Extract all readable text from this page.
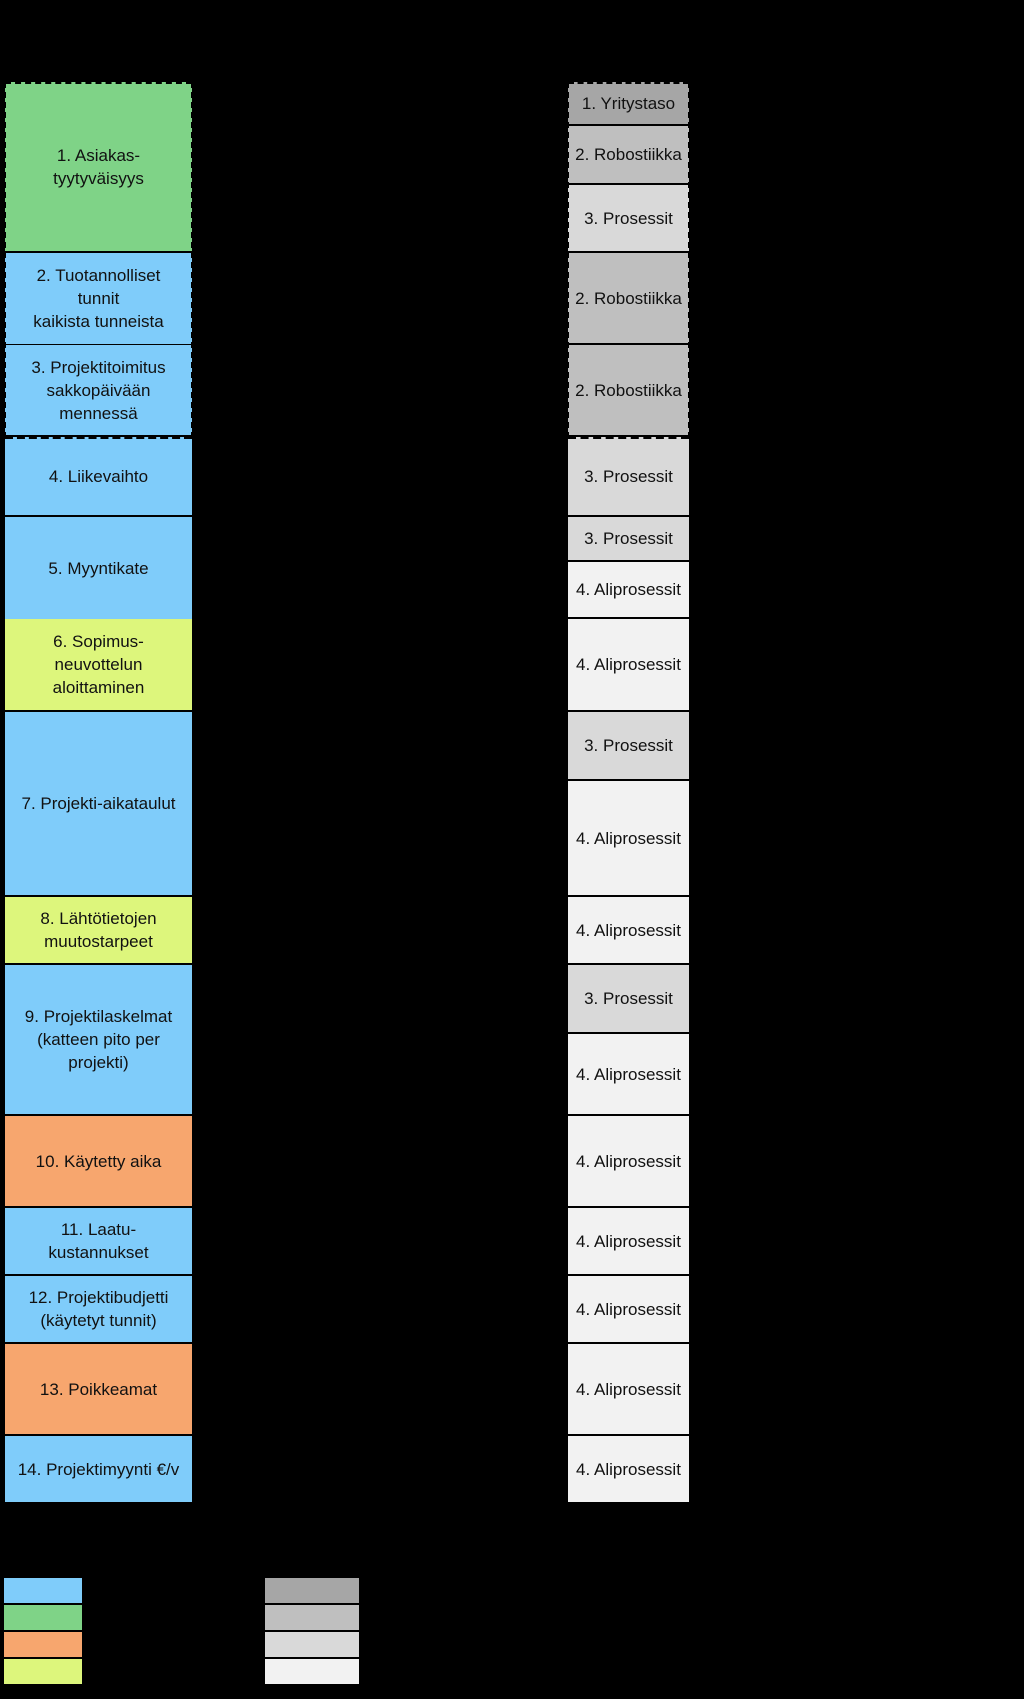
1. Asiakas-
tyytyväisyys
2. Tuotannolliset
tunnit
kaikista tunneista
3. Projektitoimitus
sakkopäivään
mennessä
4. Liikevaihto
5. Myyntikate
6. Sopimus-
neuvottelun
aloittaminen
7. Projekti-aikataulut
8. Lähtötietojen
muutostarpeet
9. Projektilaskelmat
(katteen pito per
projekti)
10. Käytetty aika
11. Laatu-
kustannukset
12. Projektibudjetti
(käytetyt tunnit)
13. Poikkeamat
14. Projektimyynti €/v
1. Yritystaso
2. Robostiikka
3. Prosessit
2. Robostiikka
2. Robostiikka
3. Prosessit
3. Prosessit
4. Aliprosessit
4. Aliprosessit
3. Prosessit
4. Aliprosessit
4. Aliprosessit
3. Prosessit
4. Aliprosessit
4. Aliprosessit
4. Aliprosessit
4. Aliprosessit
4. Aliprosessit
4. Aliprosessit
